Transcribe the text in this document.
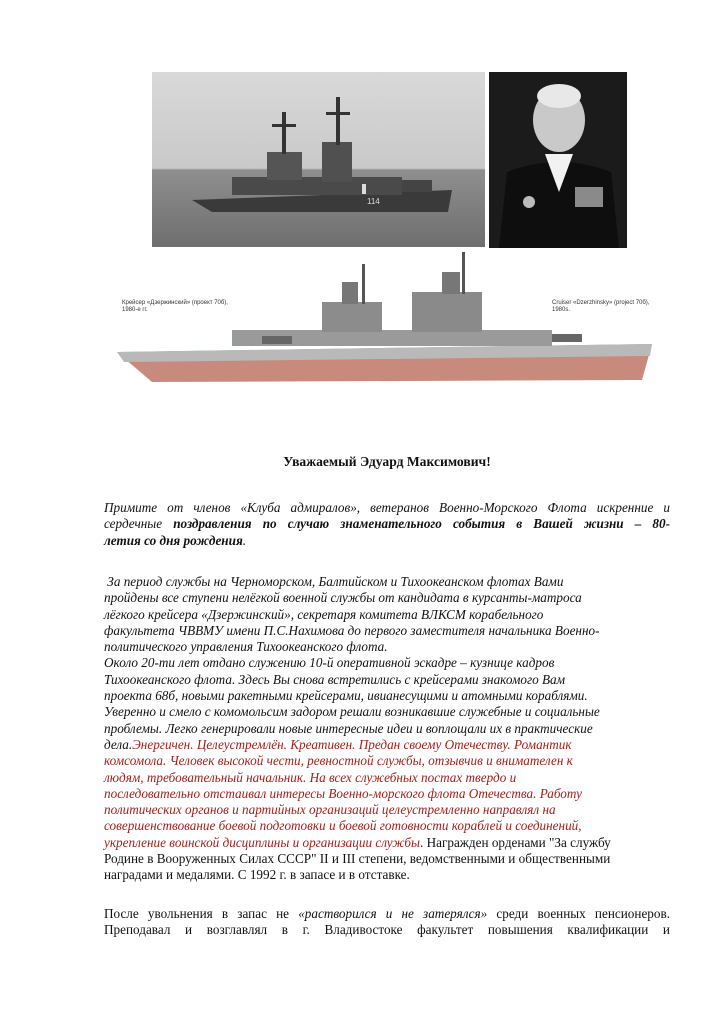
114
Крейсер «Дзержинский» (проект 70б),
1980-е гг.
Cruiser «Dzerzhinsky» (project 70б),
1980s.
Уважаемый Эдуард Максимович!
Примите от членов «Клуба адмиралов», ветеранов Военно-Морского Флота искренние и
сердечные поздравления по случаю знаменательного события в Вашей жизни – 80-
летия со дня рождения.
За период службы на Черноморском, Балтийском и Тихоокеанском флотах Вами
пройдены все ступени нелёгкой военной службы от кандидата в курсанты-матроса
лёгкого крейсера «Дзержинский», секретаря комитета ВЛКСМ корабельного
факультета ЧВВМУ имени П.С.Нахимова до первого заместителя начальника Военно-
политического управления Тихоокеанского флота.
Около 20-ти лет отдано служению 10-й оперативной эскадре – кузнице кадров
Тихоокеанского флота. Здесь Вы снова встретились с крейсерами знакомого Вам
проекта 68б, новыми ракетными крейсерами, ивианесущими и атомными кораблями.
Уверенно и смело с комомольсим задором решали возникавшие служебные и социальные
проблемы. Легко генерировали новые интересные идеи и воплощали их в практические
дела.Энергичен. Целеустремлён. Креативен. Предан своему Отечеству. Романтик
комсомола. Человек высокой чести, ревностной службы, отзывчив и внимателен к
людям, требовательный начальник. На всех служебных постах твердо и
последовательно отстаивал интересы Военно-морского флота Отечества. Работу
политических органов и партийных организаций целеустремленно направлял на
совершенствование боевой подготовки и боевой готовности кораблей и соединений,
укрепление воинской дисциплины и организации службы. Награжден орденами "За службу
Родине в Вооруженных Силах СССР" II и III степени, ведомственными и общественными
наградами и медалями. С 1992 г. в запасе и в отставке.
После увольнения в запас не «растворился и не затерялся» среди военных пенсионеров.
Преподавал и возглавлял в г. Владивостоке факультет повышения квалификации и
